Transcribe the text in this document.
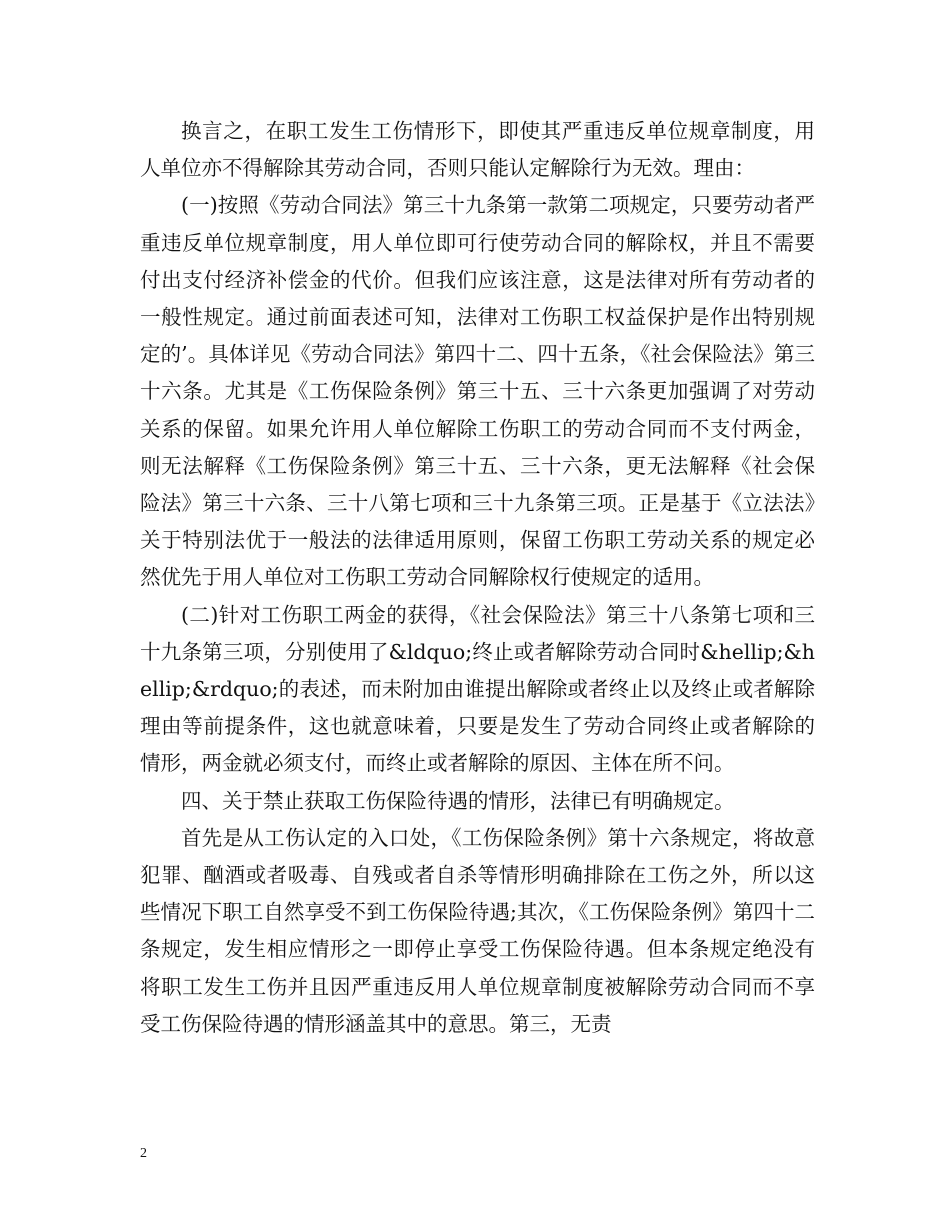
换言之，在职工发生工伤情形下，即使其严重违反单位规章制度，用人单位亦不得解除其劳动合同，否则只能认定解除行为无效。理由：

(一)按照《劳动合同法》第三十九条第一款第二项规定，只要劳动者严重违反单位规章制度，用人单位即可行使劳动合同的解除权，并且不需要付出支付经济补偿金的代价。但我们应该注意，这是法律对所有劳动者的一般性规定。通过前面表述可知，法律对工伤职工权益保护是作出特别规定的’。具体详见《劳动合同法》第四十二、四十五条，《社会保险法》第三十六条。尤其是《工伤保险条例》第三十五、三十六条更加强调了对劳动关系的保留。如果允许用人单位解除工伤职工的劳动合同而不支付两金，则无法解释《工伤保险条例》第三十五、三十六条，更无法解释《社会保险法》第三十六条、三十八第七项和三十九条第三项。正是基于《立法法》关于特别法优于一般法的法律适用原则，保留工伤职工劳动关系的规定必然优先于用人单位对工伤职工劳动合同解除权行使规定的适用。

(二)针对工伤职工两金的获得，《社会保险法》第三十八条第七项和三十九条第三项，分别使用了&ldquo;终止或者解除劳动合同时&hellip;&hellip;&rdquo;的表述，而未附加由谁提出解除或者终止以及终止或者解除理由等前提条件，这也就意味着，只要是发生了劳动合同终止或者解除的情形，两金就必须支付，而终止或者解除的原因、主体在所不问。

四、关于禁止获取工伤保险待遇的情形，法律已有明确规定。

首先是从工伤认定的入口处，《工伤保险条例》第十六条规定，将故意犯罪、酗酒或者吸毒、自残或者自杀等情形明确排除在工伤之外，所以这些情况下职工自然享受不到工伤保险待遇;其次，《工伤保险条例》第四十二条规定，发生相应情形之一即停止享受工伤保险待遇。但本条规定绝没有将职工发生工伤并且因严重违反用人单位规章制度被解除劳动合同而不享受工伤保险待遇的情形涵盖其中的意思。第三，无责

2
